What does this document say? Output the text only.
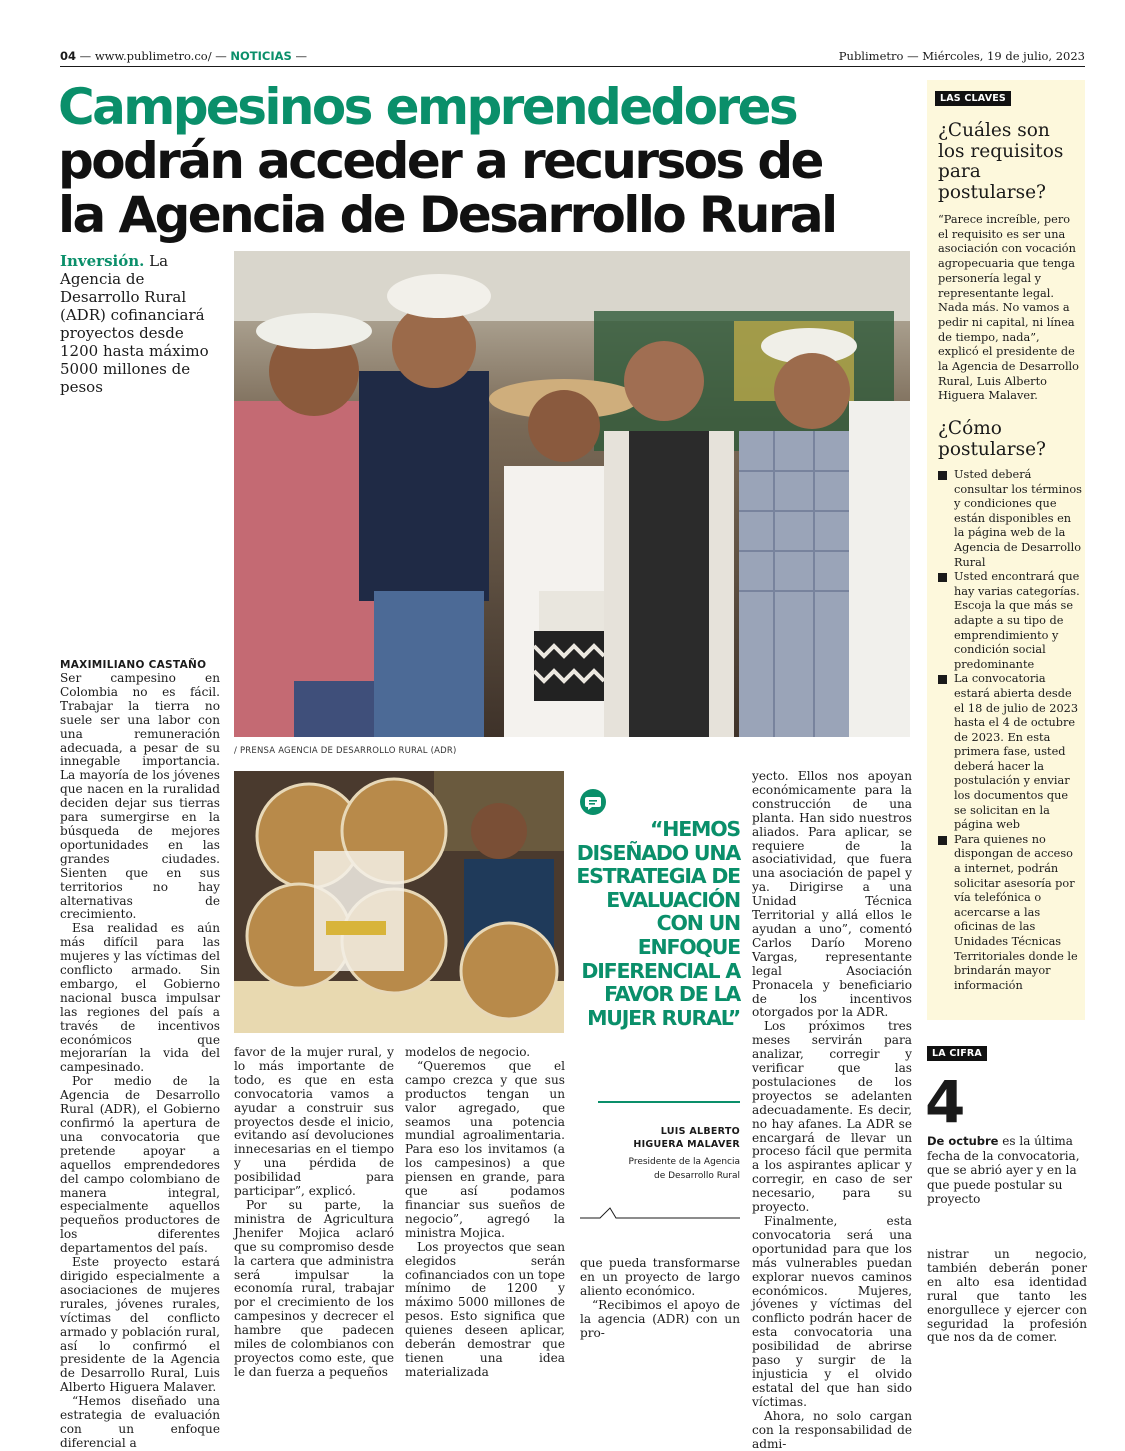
04 — www.publimetro.co/ — NOTICIAS —	Publimetro — Miércoles, 19 de julio, 2023
Campesinos emprendedores
podrán acceder a recursos de
la Agencia de Desarrollo Rural
Inversión. La Agencia de Desarrollo Rural (ADR) cofinanciará proyectos desde 1200 hasta máximo 5000 millones de pesos
/ PRENSA AGENCIA DE DESARROLLO RURAL (ADR)
MAXIMILIANO CASTAÑO

Ser campesino en Colombia no es fácil. Trabajar la tierra no suele ser una labor con una remuneración adecuada, a pesar de su innegable importancia. La mayoría de los jóvenes que nacen en la ruralidad deciden dejar sus tierras para sumergirse en la búsqueda de mejores oportunidades en las grandes ciudades. Sienten que en sus territorios no hay alternativas de crecimiento.

Esa realidad es aún más difícil para las mujeres y las víctimas del conflicto armado. Sin embargo, el Gobierno nacional busca impulsar las regiones del país a través de incentivos económicos que mejorarían la vida del campesinado.

Por medio de la Agencia de Desarrollo Rural (ADR), el Gobierno confirmó la apertura de una convocatoria que pretende apoyar a aquellos emprendedores del campo colombiano de manera integral, especialmente aquellos pequeños productores de los diferentes departamentos del país.

Este proyecto estará dirigido especialmente a asociaciones de mujeres rurales, jóvenes rurales, víctimas del conflicto armado y población rural, así lo confirmó el presidente de la Agencia de Desarrollo Rural, Luis Alberto Higuera Malaver.

“Hemos diseñado una estrategia de evaluación con un enfoque diferencial a

favor de la mujer rural, y lo más importante de todo, es que en esta convocatoria vamos a ayudar a construir sus proyectos desde el inicio, evitando así devoluciones innecesarias en el tiempo y una pérdida de posibilidad para participar”, explicó.

Por su parte, la ministra de Agricultura Jhenifer Mojica aclaró que su compromiso desde la cartera que administra será impulsar la economía rural, trabajar por el crecimiento de los campesinos y decrecer el hambre que padecen miles de colombianos con proyectos como este, que le dan fuerza a pequeños

modelos de negocio.

“Queremos que el campo crezca y que sus productos tengan un valor agregado, que seamos una potencia mundial agroalimentaria. Para eso los invitamos (a los campesinos) a que piensen en grande, para que así podamos financiar sus sueños de negocio”, agregó la ministra Mojica.

Los proyectos que sean elegidos serán cofinanciados con un tope mínimo de 1200 y máximo 5000 millones de pesos. Esto significa que quienes deseen aplicar, deberán demostrar que tienen una idea materializada

que pueda transformarse en un proyecto de largo aliento económico.

“Recibimos el apoyo de la agencia (ADR) con un pro-

yecto. Ellos nos apoyan económicamente para la construcción de una planta. Han sido nuestros aliados. Para aplicar, se requiere de la asociatividad, que fuera una asociación de papel y ya. Dirigirse a una Unidad Técnica Territorial y allá ellos le ayudan a uno”, comentó Carlos Darío Moreno Vargas, representante legal Asociación Pronacela y beneficiario de los incentivos otorgados por la ADR.

Los próximos tres meses servirán para analizar, corregir y verificar que las postulaciones de los proyectos se adelanten adecuadamente. Es decir, no hay afanes. La ADR se encargará de llevar un proceso fácil que permita a los aspirantes aplicar y corregir, en caso de ser necesario, para su proyecto.

Finalmente, esta convocatoria será una oportunidad para que los más vulnerables puedan explorar nuevos caminos económicos. Mujeres, jóvenes y víctimas del conflicto podrán hacer de esta convocatoria una posibilidad de abrirse paso y surgir de la injusticia y el olvido estatal del que han sido víctimas.

Ahora, no solo cargan con la responsabilidad de admi-

nistrar un negocio, también deberán poner en alto esa identidad rural que tanto les enorgullece y ejercer con seguridad la profesión que nos da de comer.

“HEMOS DISEÑADO UNA ESTRATEGIA DE EVALUACIÓN CON UN ENFOQUE DIFERENCIAL A FAVOR DE LA MUJER RURAL”
LUIS ALBERTO
HIGUERA MALAVER
Presidente de la Agencia
de Desarrollo Rural
LAS CLAVES
¿Cuáles son los requisitos para postularse?
“Parece increíble, pero el requisito es ser una asociación con vocación agropecuaria que tenga personería legal y representante legal. Nada más. No vamos a pedir ni capital, ni línea de tiempo, nada”, explicó el presidente de la Agencia de Desarrollo Rural, Luis Alberto Higuera Malaver.
¿Cómo postularse?
Usted deberá consultar los términos y condiciones que están disponibles en la página web de la Agencia de Desarrollo Rural
Usted encontrará que hay varias categorías. Escoja la que más se adapte a su tipo de emprendimiento y condición social predominante
La convocatoria estará abierta desde el 18 de julio de 2023 hasta el 4 de octubre de 2023. En esta primera fase, usted deberá hacer la postulación y enviar los documentos que se solicitan en la página web
Para quienes no dispongan de acceso a internet, podrán solicitar asesoría por vía telefónica o acercarse a las oficinas de las Unidades Técnicas Territoriales donde le brindarán mayor información
LA CIFRA
4
De octubre es la última fecha de la convocatoria, que se abrió ayer y en la que puede postular su proyecto
